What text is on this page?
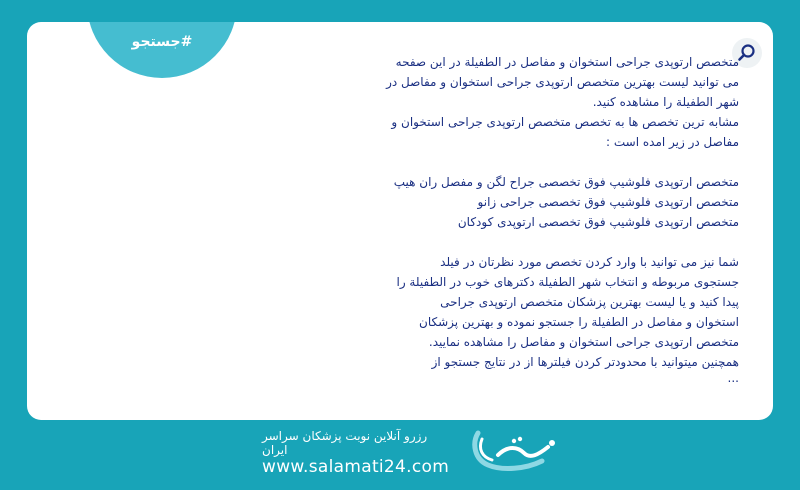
#جستجو

متخصص ارتوپدی جراحی استخوان و مفاصل در الطفیلة در این صفحه

می توانید لیست بهترین متخصص ارتوپدی جراحی استخوان و مفاصل در

شهر الطفیلة را مشاهده کنید.

مشابه ترین تخصص ها به تخصص متخصص ارتوپدی جراحی استخوان و

مفاصل در زیر امده است :

متخصص ارتوپدی فلوشیپ فوق تخصصی جراح لگن و مفصل ران هیپ

متخصص ارتوپدی فلوشیپ فوق تخصصی جراحی زانو

متخصص ارتوپدی فلوشیپ فوق تخصصی ارتوپدی کودکان

شما نیز می توانید با وارد کردن تخصص مورد نظرتان در فیلد

جستجوی مربوطه و انتخاب شهر الطفیلة دکترهای خوب در الطفیلة را

پیدا کنید و یا لیست بهترین پزشکان متخصص ارتوپدی جراحی

استخوان و مفاصل در الطفیلة را جستجو نموده و بهترین پزشکان

متخصص ارتوپدی جراحی استخوان و مفاصل را مشاهده نمایید.

همچنین میتوانید با محدودتر کردن فیلترها از در نتایج جستجو از

...

رزرو آنلاین نوبت پزشکان سراسر ایران
www.salamati24.com
